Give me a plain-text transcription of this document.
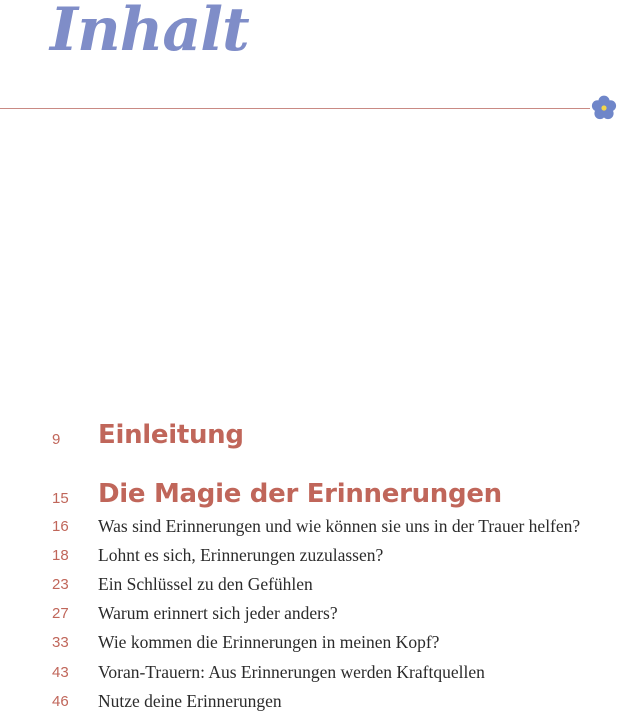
Inhalt
9 Einleitung
15 Die Magie der Erinnerungen
16 Was sind Erinnerungen und wie können sie uns in der Trauer helfen?
18 Lohnt es sich, Erinnerungen zuzulassen?
23 Ein Schlüssel zu den Gefühlen
27 Warum erinnert sich jeder anders?
33 Wie kommen die Erinnerungen in meinen Kopf?
43 Voran-Trauern: Aus Erinnerungen werden Kraftquellen
46 Nutze deine Erinnerungen
